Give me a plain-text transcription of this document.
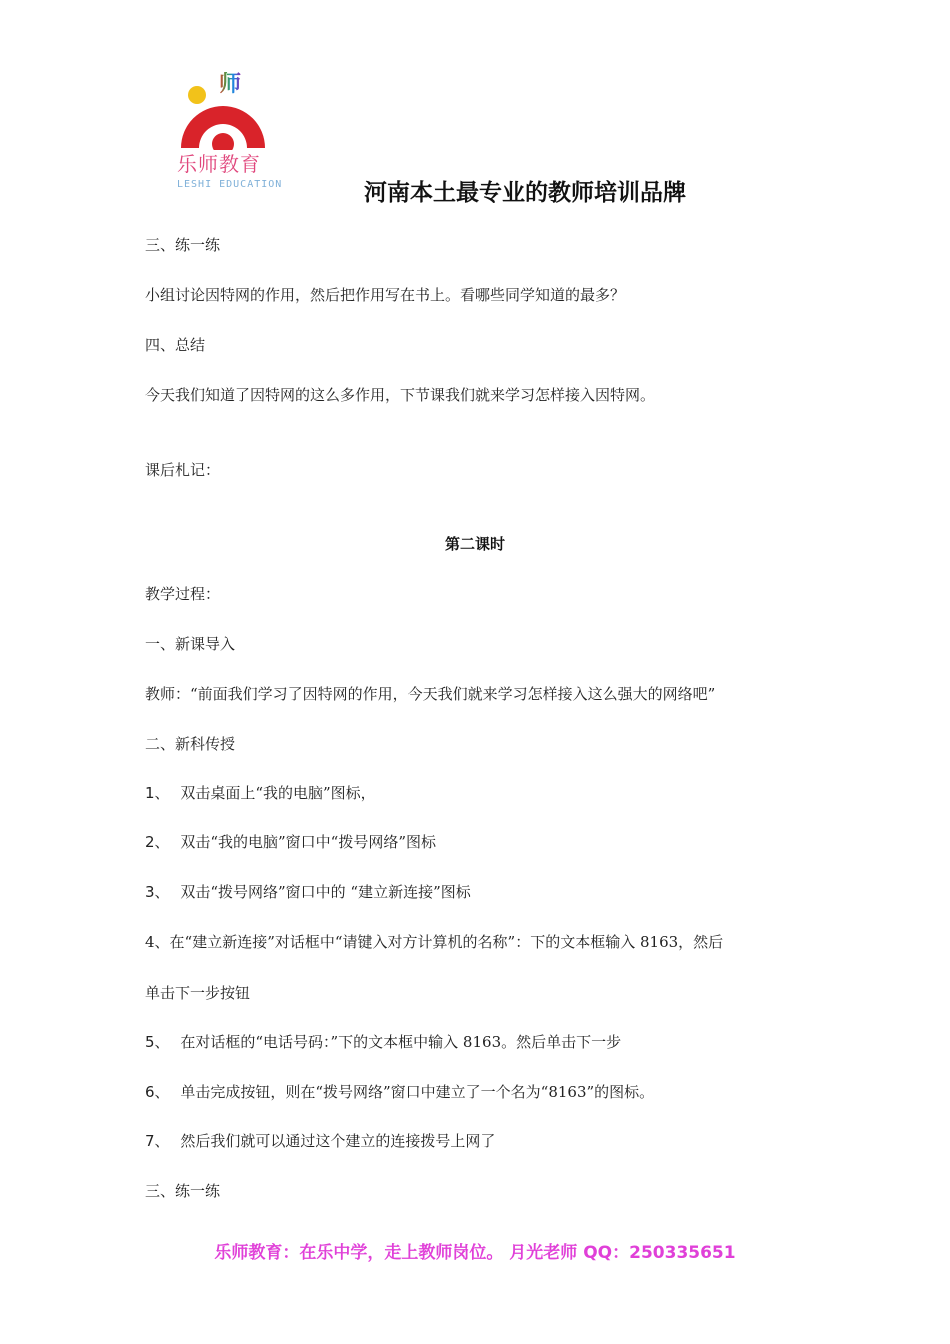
师
乐师教育
LESHI EDUCATION	河南本土最专业的教师培训品牌
三、练一练
小组讨论因特网的作用，然后把作用写在书上。看哪些同学知道的最多？
四、总结
今天我们知道了因特网的这么多作用，下节课我们就来学习怎样接入因特网。
课后札记：
第二课时
教学过程：
一、新课导入
教师：“前面我们学习了因特网的作用，今天我们就来学习怎样接入这么强大的网络吧”
二、新科传授
1、 双击桌面上“我的电脑”图标，
2、 双击“我的电脑”窗口中“拨号网络”图标
3、 双击“拨号网络”窗口中的 “建立新连接”图标
4、在“建立新连接”对话框中“请键入对方计算机的名称”：下的文本框输入 8163，然后
单击下一步按钮
5、 在对话框的“电话号码：”下的文本框中输入 8163。然后单击下一步
6、 单击完成按钮，则在“拨号网络”窗口中建立了一个名为“8163”的图标。
7、 然后我们就可以通过这个建立的连接拨号上网了
三、练一练
乐师教育：在乐中学，走上教师岗位。 月光老师 QQ：250335651
